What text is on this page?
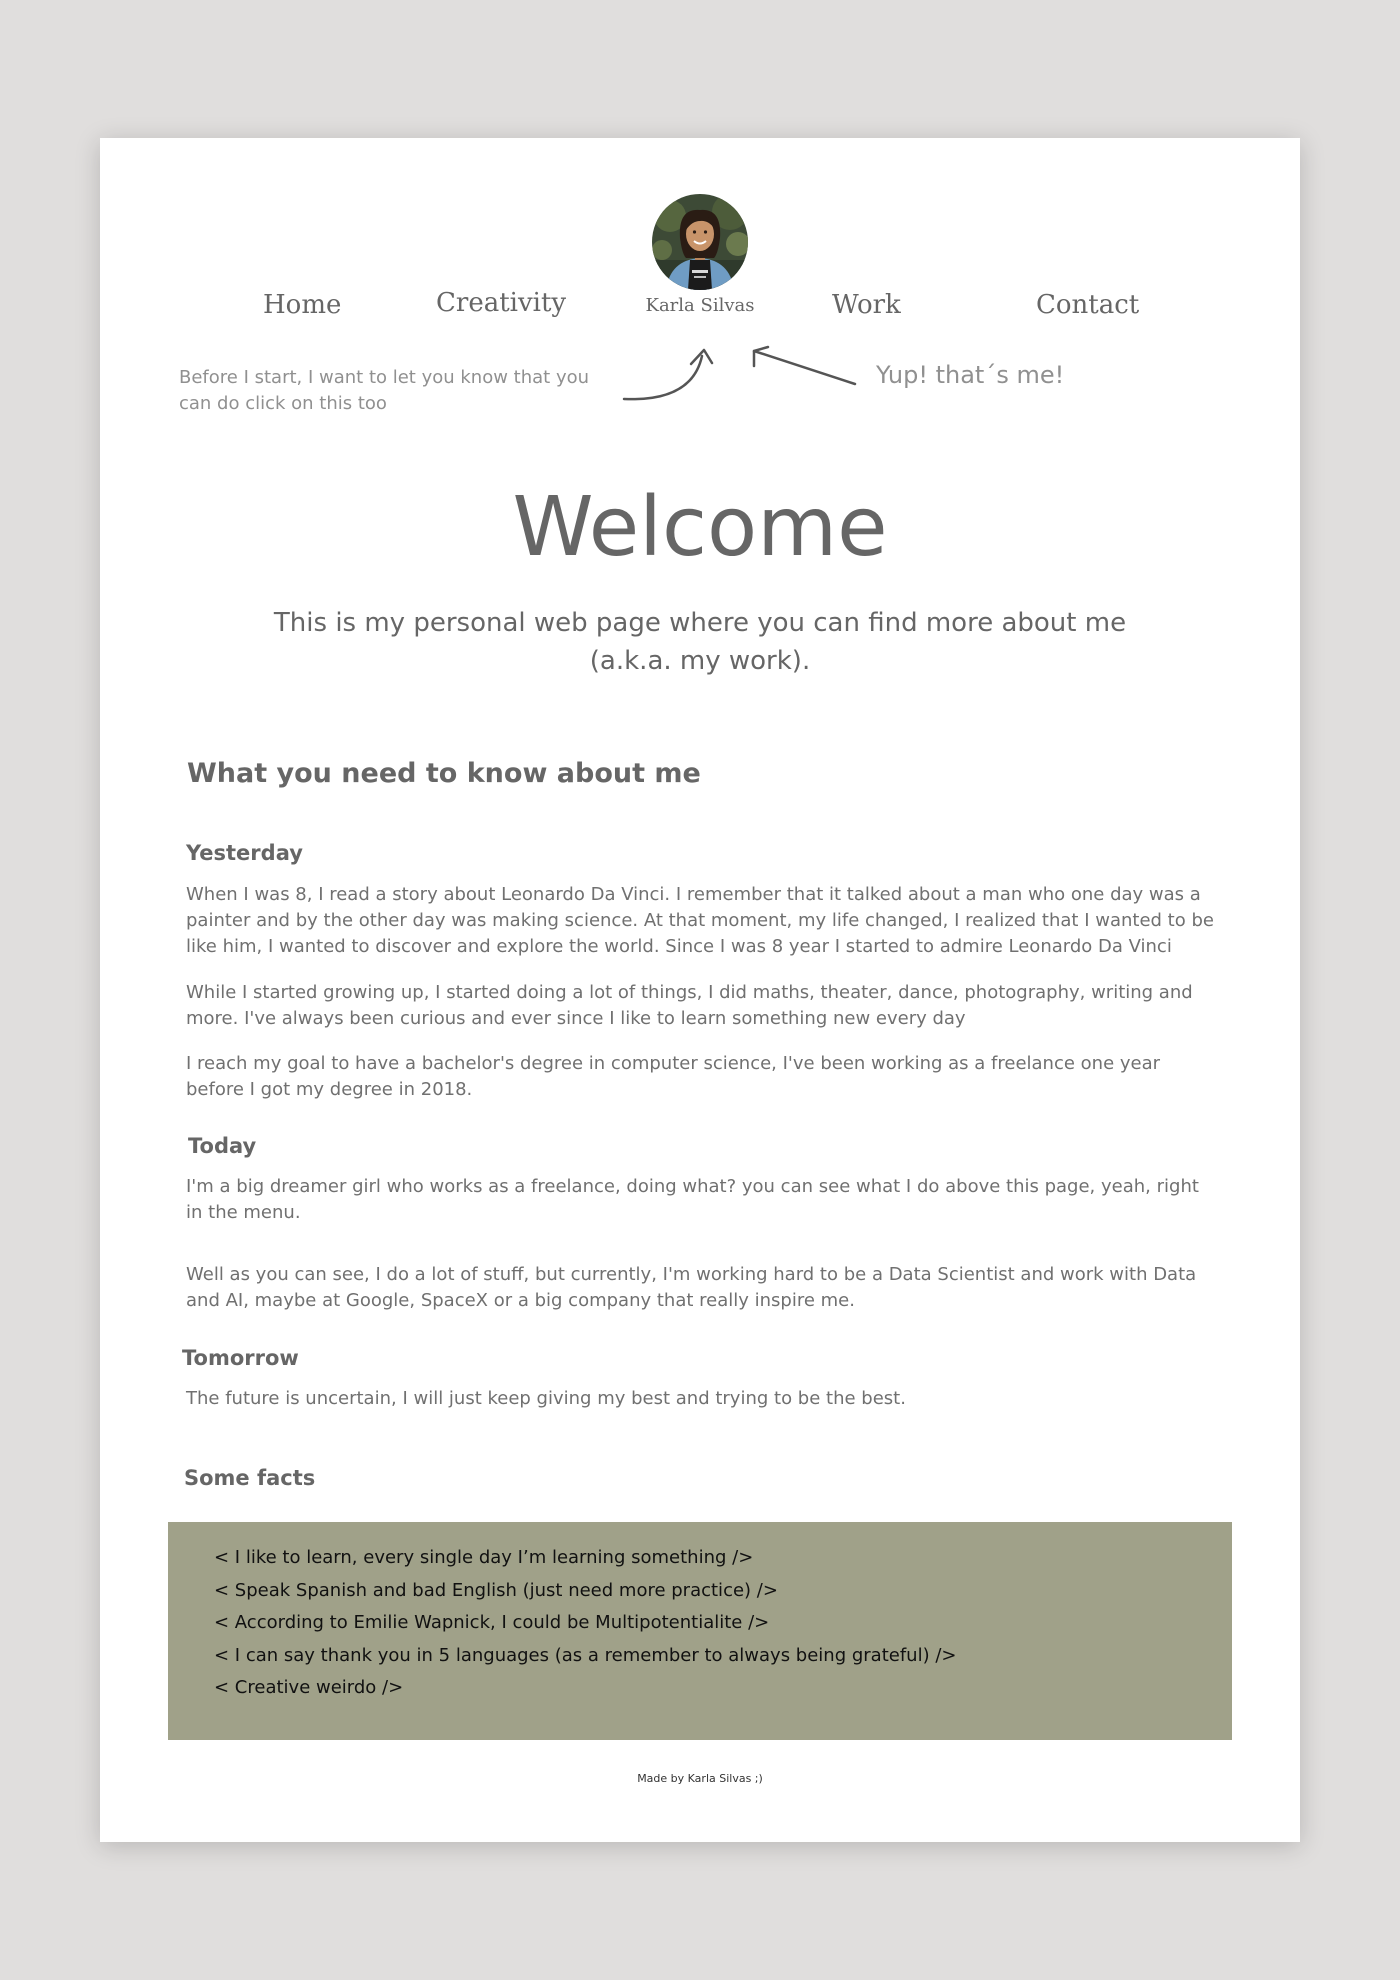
Home	Creativity	Karla Silvas	Work	Contact
Before I start, I want to let you know that you can do click on this too
Yup! that´s me!
Welcome

This is my personal web page where you can find more about me (a.k.a. my work).

What you need to know about me
Yesterday

When I was 8, I read a story about Leonardo Da Vinci. I remember that it talked about a man who one day was a painter and by the other day was making science. At that moment, my life changed, I realized that I wanted to be like him, I wanted to discover and explore the world. Since I was 8 year I started to admire Leonardo Da Vinci

While I started growing up, I started doing a lot of things, I did maths, theater, dance, photography, writing and more. I've always been curious and ever since I like to learn something new every day

I reach my goal to have a bachelor's degree in computer science, I've been working as a freelance one year before I got my degree in 2018.

Today

I'm a big dreamer girl who works as a freelance, doing what? you can see what I do above this page, yeah, right in the menu.

Well as you can see, I do a lot of stuff, but currently, I'm working hard to be a Data Scientist and work with Data and AI, maybe at Google, SpaceX or a big company that really inspire me.

Tomorrow

The future is uncertain, I will just keep giving my best and trying to be the best.

Some facts
< I like to learn, every single day I’m learning something />
< Speak Spanish and bad English (just need more practice) />
< According to Emilie Wapnick, I could be Multipotentialite />
< I can say thank you in 5 languages (as a remember to always being grateful) />
< Creative weirdo />
Made by Karla Silvas ;)
